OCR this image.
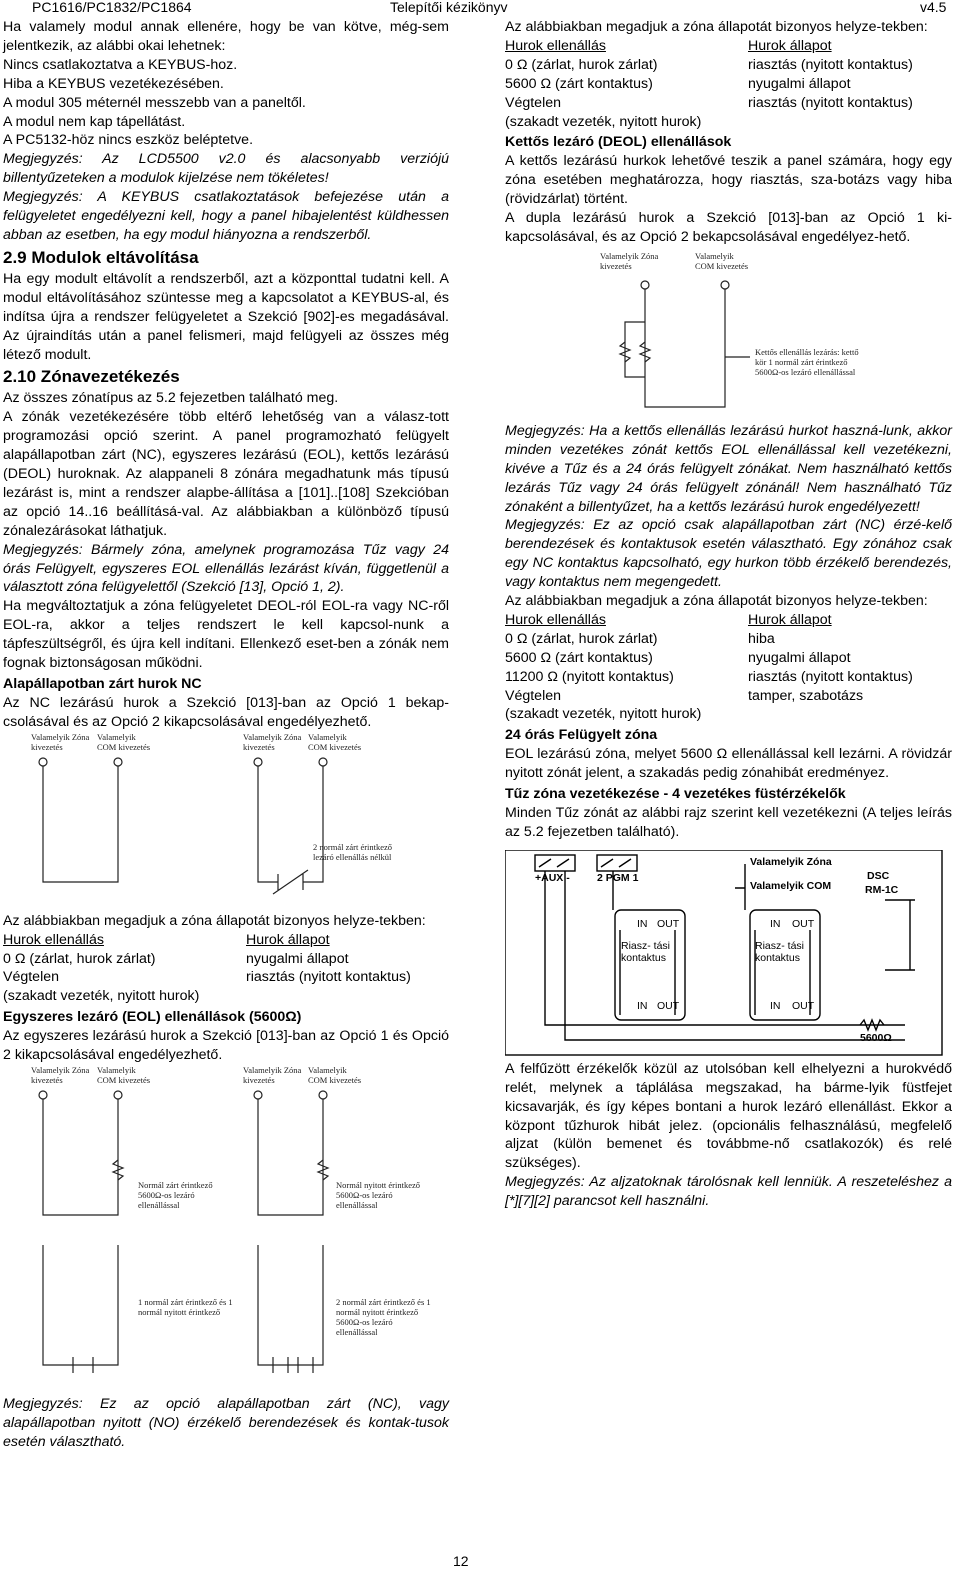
PC1616/PC1832/PC1864	Telepítői kézikönyv	v4.5

Ha valamely modul annak ellenére, hogy be van kötve, még-sem jelentkezik, az alábbi okai lehetnek:

Nincs csatlakoztatva a KEYBUS-hoz.

Hiba a KEYBUS vezetékezésében.

A modul 305 méternél messzebb van a paneltől.

A modul nem kap tápellátást.

A PC5132-höz nincs eszköz beléptetve.

Megjegyzés: Az LCD5500 v2.0 és alacsonyabb verziójú billentyűzeteken a modulok kijelzése nem tökéletes!

Megjegyzés: A KEYBUS csatlakoztatások befejezése után a felügyeletet engedélyezni kell, hogy a panel hibajelentést küldhessen abban az esetben, ha egy modul hiányozna a rendszerből.

2.9 Modulok eltávolítása

Ha egy modult eltávolít a rendszerből, azt a központtal tudatni kell. A modul eltávolításához szüntesse meg a kapcsolatot a KEYBUS-al, és indítsa újra a rendszer felügyeletet a Szekció [902]-es megadásával. Az újraindítás után a panel felismeri, majd felügyeli az összes még létező modult.

2.10 Zónavezetékezés

Az összes zónatípus az 5.2 fejezetben található meg.

A zónák vezetékezésére több eltérő lehetőség van a válasz-tott programozási opció szerint. A panel programozható felügyelt alapállapotban zárt (NC), egyszeres lezárású (EOL), kettős lezárású (DEOL) huroknak. Az alappaneli 8 zónára megadhatunk más típusú lezárást is, mint a rendszer alapbe-állítása a [101]..[108] Szekcióban az opció 14..16 beállításá-val. Az alábbiakban a különböző típusú zónalezárásokat láthatjuk.

Megjegyzés: Bármely zóna, amelynek programozása Tűz vagy 24 órás Felügyelt, egyszeres EOL ellenállás lezárást kíván, függetlenül a választott zóna felügyelettől (Szekció [13], Opció 1, 2).

Ha megváltoztatjuk a zóna felügyeletet DEOL-ról EOL-ra vagy NC-ről EOL-ra, akkor a teljes rendszert le kell kapcsol-nunk a tápfeszültségről, és újra kell indítani. Ellenkező eset-ben a zónák nem fognak biztonságosan működni.

Alapállapotban zárt hurok NC

Az NC lezárású hurok a Szekció [013]-ban az Opció 1 bekap-csolásával és az Opció 2 kikapcsolásával engedélyezhető.

Valamelyik Zóna kivezetés
Valamelyik COM kivezetés
Valamelyik Zóna kivezetés
Valamelyik COM kivezetés
2 normál zárt érintkező lezáró ellenállás nélkül

Az alábbiakban megadjuk a zóna állapotát bizonyos helyze-tekben:

Hurok ellenállás	Hurok állapot
0 Ω (zárlat, hurok zárlat)	nyugalmi állapot
Végtelen	riasztás (nyitott kontaktus)
(szakadt vezeték, nyitott hurok)

Egyszeres lezáró (EOL) ellenállások (5600Ω)

Az egyszeres lezárású hurok a Szekció [013]-ban az Opció 1 és Opció 2 kikapcsolásával engedélyezhető.

Valamelyik Zóna kivezetés
Valamelyik COM kivezetés
Valamelyik Zóna kivezetés
Valamelyik COM kivezetés
Normál zárt érintkező 5600Ω-os lezáró ellenállással
Normál nyitott érintkező 5600Ω-os lezáró ellenállással
1 normál zárt érintkező és 1 normál nyitott érintkező
2 normál zárt érintkező és 1 normál nyitott érintkező 5600Ω-os lezáró ellenállással

Megjegyzés: Ez az opció alapállapotban zárt (NC), vagy alapállapotban nyitott (NO) érzékelő berendezések és kontak-tusok esetén választható.

Az alábbiakban megadjuk a zóna állapotát bizonyos helyze-tekben:

Hurok ellenállás	Hurok állapot
0 Ω (zárlat, hurok zárlat)	riasztás (nyitott kontaktus)
5600 Ω (zárt kontaktus)	nyugalmi állapot
Végtelen	riasztás (nyitott kontaktus)
(szakadt vezeték, nyitott hurok)

Kettős lezáró (DEOL) ellenállások

A kettős lezárású hurkok lehetővé teszik a panel számára, hogy egy zóna esetében meghatározza, hogy riasztás, sza-botázs vagy hiba (rövidzárlat) történt.

A dupla lezárású hurok a Szekció [013]-ban az Opció 1 ki-kapcsolásával, és az Opció 2 bekapcsolásával engedélyez-hető.

Valamelyik Zóna kivezetés
Valamelyik COM kivezetés
Kettős ellenállás lezárás: kettő kör 1 normál zárt érintkező 5600Ω-os lezáró ellenállással

Megjegyzés: Ha a kettős ellenállás lezárású hurkot haszná-lunk, akkor minden vezetékes zónát kettős EOL ellenállással kell vezetékezni, kivéve a Tűz és a 24 órás felügyelt zónákat. Nem használható kettős lezárás Tűz vagy 24 órás felügyelt zónánál! Nem használható Tűz zónaként a billentyűzet, ha a kettős lezárású hurok engedélyezett!

Megjegyzés: Ez az opció csak alapállapotban zárt (NC) érzé-kelő berendezések és kontaktusok esetén választható. Egy zónához csak egy NC kontaktus kapcsolható, egy hurkon több érzékelő berendezés, vagy kontaktus nem megengedett.

Az alábbiakban megadjuk a zóna állapotát bizonyos helyze-tekben:

Hurok ellenállás	Hurok állapot
0 Ω (zárlat, hurok zárlat)	hiba
5600 Ω (zárt kontaktus)	nyugalmi állapot
11200 Ω (nyitott kontaktus)	riasztás (nyitott kontaktus)
Végtelen	tamper, szabotázs
(szakadt vezeték, nyitott hurok)

24 órás Felügyelt zóna

EOL lezárású zóna, melyet 5600 Ω ellenállással kell lezárni. A rövidzár nyitott zónát jelent, a szakadás pedig zónahibát eredményez.

Tűz zóna vezetékezése - 4 vezetékes füstérzékelők

Minden Tűz zónát az alábbi rajz szerint kell vezetékezni (A teljes leírás az 5.2 fejezetben található).

+AUX -	2 PGM 1
Valamelyik Zóna
Valamelyik COM
DSC
RM-1C
IN OUT
Riasz- tási kontaktus
IN OUT
IN OUT
Riasz- tási kontaktus
IN OUT
5600Ω

A felfűzött érzékelők közül az utolsóban kell elhelyezni a hurokvédő relét, melynek a táplálása megszakad, ha bárme-lyik füstfejet kicsavarják, és így képes bontani a hurok lezáró ellenállást. Ekkor a központ tűzhurok hibát jelez. (opcionális felhasználású, megfelelő aljzat (külön bemenet és továbbme-nő csatlakozók) és relé szükséges).

Megjegyzés: Az aljzatoknak tárolósnak kell lenniük. A reszeteléshez a [*][7][2] parancsot kell használni.

12
